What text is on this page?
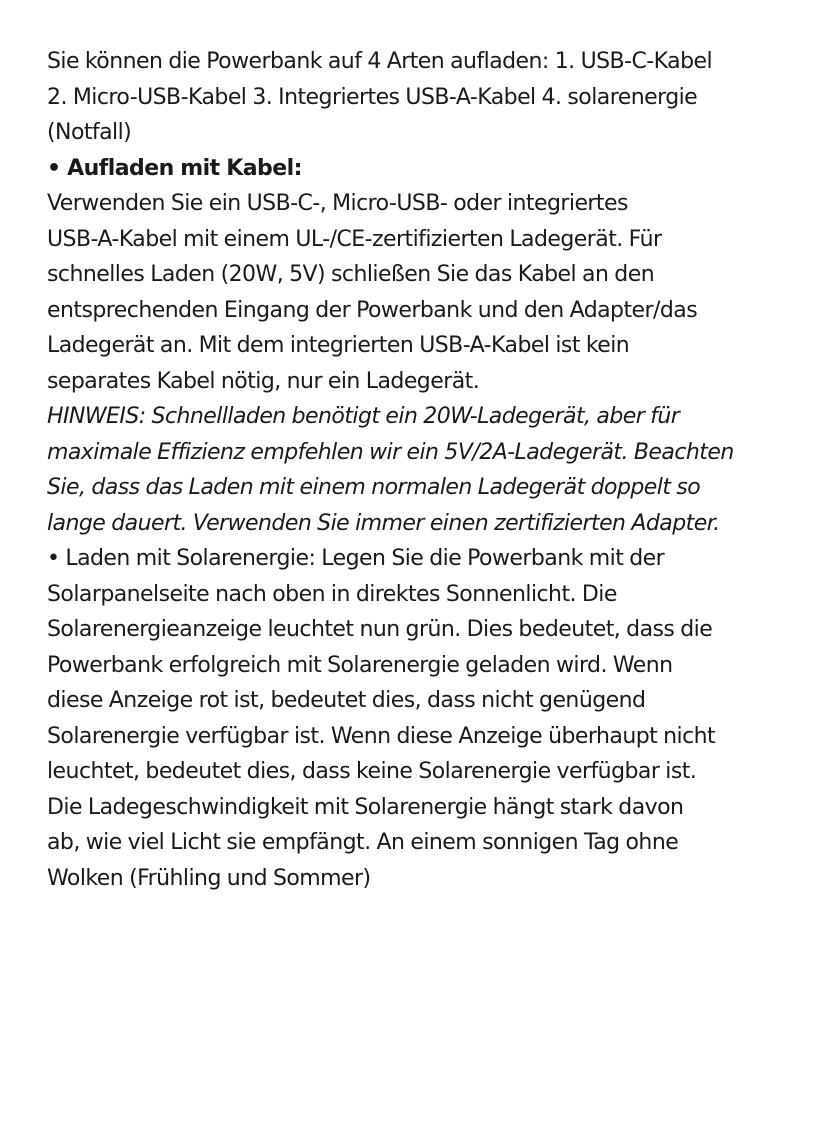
Sie können die Powerbank auf 4 Arten aufladen: 1. USB-C-Kabel
2. Micro-USB-Kabel 3. Integriertes USB-A-Kabel 4. solarenergie
(Notfall)
• Aufladen mit Kabel:
Verwenden Sie ein USB-C-, Micro-USB- oder integriertes
USB-A-Kabel mit einem UL-/CE-zertifizierten Ladegerät. Für
schnelles Laden (20W, 5V) schließen Sie das Kabel an den
entsprechenden Eingang der Powerbank und den Adapter/das
Ladegerät an. Mit dem integrierten USB-A-Kabel ist kein
separates Kabel nötig, nur ein Ladegerät.
HINWEIS: Schnellladen benötigt ein 20W-Ladegerät, aber für
maximale Effizienz empfehlen wir ein 5V/2A-Ladegerät. Beachten
Sie, dass das Laden mit einem normalen Ladegerät doppelt so
lange dauert. Verwenden Sie immer einen zertifizierten Adapter.
• Laden mit Solarenergie: Legen Sie die Powerbank mit der
Solarpanelseite nach oben in direktes Sonnenlicht. Die
Solarenergieanzeige leuchtet nun grün. Dies bedeutet, dass die
Powerbank erfolgreich mit Solarenergie geladen wird. Wenn
diese Anzeige rot ist, bedeutet dies, dass nicht genügend
Solarenergie verfügbar ist. Wenn diese Anzeige überhaupt nicht
leuchtet, bedeutet dies, dass keine Solarenergie verfügbar ist.
Die Ladegeschwindigkeit mit Solarenergie hängt stark davon
ab, wie viel Licht sie empfängt. An einem sonnigen Tag ohne
Wolken (Frühling und Sommer)
